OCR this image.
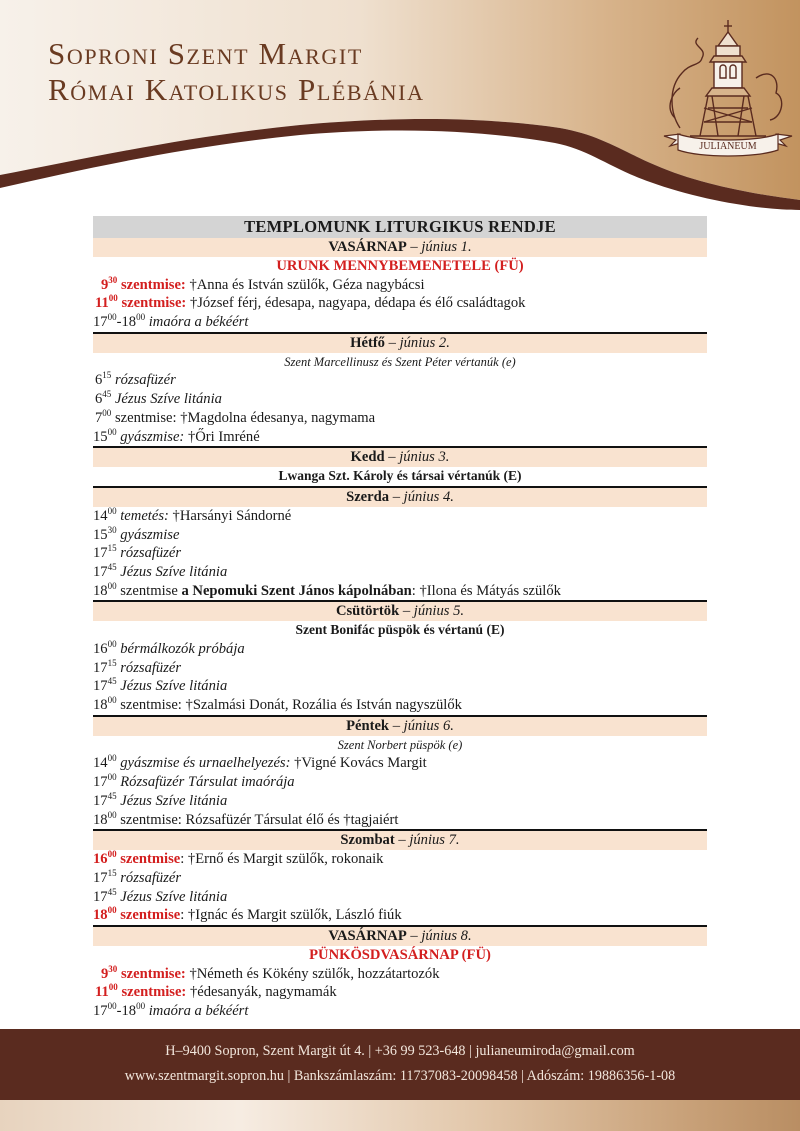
Soproni Szent Margit
Római Katolikus Plébánia
JULIANEUM
TEMPLOMUNK LITURGIKUS RENDJE
VASÁRNAP – június 1.
URUNK MENNYBEMENETELE (FÜ)
$9^{30}$ szentmise: †Anna és István szülők, Géza nagybácsi
$11^{00}$ szentmise: †József férj, édesapa, nagyapa, dédapa és élő családtagok
$17^{00}-18^{00}$ imaóra a békéért
Hétfő – június 2.
Szent Marcellinusz és Szent Péter vértanúk (e)
$6^{15}$ rózsafüzér
$6^{45}$ Jézus Szíve litánia
$7^{00}$ szentmise: †Magdolna édesanya, nagymama
$15^{00}$ gyászmise: †Őri Imréné
Kedd – június 3.
Lwanga Szt. Károly és társai vértanúk (E)
Szerda – június 4.
$14^{00}$ temetés: †Harsányi Sándorné
$15^{30}$ gyászmise
$17^{15}$ rózsafüzér
$17^{45}$ Jézus Szíve litánia
$18^{00}$ szentmise a Nepomuki Szent János kápolnában: †Ilona és Mátyás szülők
Csütörtök – június 5.
Szent Bonifác püspök és vértanú (E)
$16^{00}$ bérmálkozók próbája
$17^{15}$ rózsafüzér
$17^{45}$ Jézus Szíve litánia
$18^{00}$ szentmise: †Szalmási Donát, Rozália és István nagyszülők
Péntek – június 6.
Szent Norbert püspök (e)
$14^{00}$ gyászmise és urnaelhelyezés: †Vigné Kovács Margit
$17^{00}$ Rózsafüzér Társulat imaórája
$17^{45}$ Jézus Szíve litánia
$18^{00}$ szentmise: Rózsafüzér Társulat élő és †tagjaiért
Szombat – június 7.
$16^{00}$ szentmise: †Ernő és Margit szülők, rokonaik
$17^{15}$ rózsafüzér
$17^{45}$ Jézus Szíve litánia
$18^{00}$ szentmise: †Ignác és Margit szülők, László fiúk
VASÁRNAP – június 8.
PÜNKÖSDVASÁRNAP (FÜ)
$9^{30}$ szentmise: †Németh és Kökény szülők, hozzátartozók
$11^{00}$ szentmise: †édesanyák, nagymamák
$17^{00}-18^{00}$ imaóra a békéért
H–9400 Sopron, Szent Margit út 4. | +36 99 523-648 | julianeumiroda@gmail.com
www.szentmargit.sopron.hu | Bankszámlaszám: 11737083-20098458 | Adószám: 19886356-1-08
